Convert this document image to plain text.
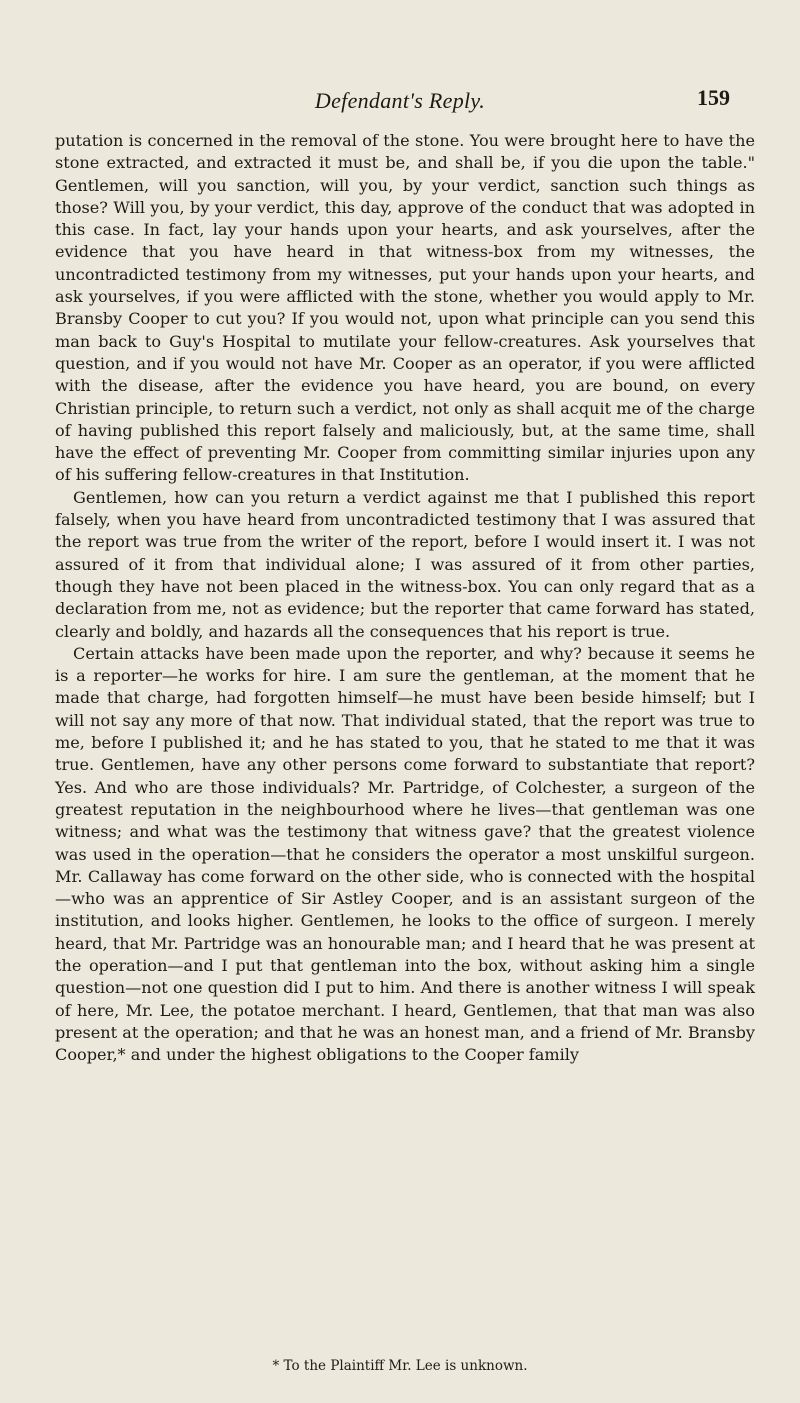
Defendant's Reply.	159

putation is concerned in the removal of the stone. You were brought here to have the stone extracted, and extracted it must be, and shall be, if you die upon the table." Gentlemen, will you sanction, will you, by your verdict, sanction such things as those? Will you, by your verdict, this day, approve of the conduct that was adopted in this case. In fact, lay your hands upon your hearts, and ask yourselves, after the evidence that you have heard in that witness-box from my witnesses, the uncontradicted testimony from my witnesses, put your hands upon your hearts, and ask yourselves, if you were afflicted with the stone, whether you would apply to Mr. Bransby Cooper to cut you? If you would not, upon what principle can you send this man back to Guy's Hospital to mutilate your fellow-creatures. Ask yourselves that question, and if you would not have Mr. Cooper as an operator, if you were afflicted with the disease, after the evidence you have heard, you are bound, on every Christian principle, to return such a verdict, not only as shall acquit me of the charge of having published this report falsely and maliciously, but, at the same time, shall have the effect of preventing Mr. Cooper from committing similar injuries upon any of his suffering fellow-creatures in that Institution.

Gentlemen, how can you return a verdict against me that I published this report falsely, when you have heard from uncontradicted testimony that I was assured that the report was true from the writer of the report, before I would insert it. I was not assured of it from that individual alone; I was assured of it from other parties, though they have not been placed in the witness-box. You can only regard that as a declaration from me, not as evidence; but the reporter that came forward has stated, clearly and boldly, and hazards all the consequences that his report is true.

Certain attacks have been made upon the reporter, and why? because it seems he is a reporter—he works for hire. I am sure the gentleman, at the moment that he made that charge, had forgotten himself—he must have been beside himself; but I will not say any more of that now. That individual stated, that the report was true to me, before I published it; and he has stated to you, that he stated to me that it was true. Gentlemen, have any other persons come forward to substantiate that report? Yes. And who are those individuals? Mr. Partridge, of Colchester, a surgeon of the greatest reputation in the neighbourhood where he lives—that gentleman was one witness; and what was the testimony that witness gave? that the greatest violence was used in the operation—that he considers the operator a most unskilful surgeon. Mr. Callaway has come forward on the other side, who is connected with the hospital—who was an apprentice of Sir Astley Cooper, and is an assistant surgeon of the institution, and looks higher. Gentlemen, he looks to the office of surgeon. I merely heard, that Mr. Partridge was an honourable man; and I heard that he was present at the operation—and I put that gentleman into the box, without asking him a single question—not one question did I put to him. And there is another witness I will speak of here, Mr. Lee, the potatoe merchant. I heard, Gentlemen, that that man was also present at the operation; and that he was an honest man, and a friend of Mr. Bransby Cooper,* and under the highest obligations to the Cooper family

* To the Plaintiff Mr. Lee is unknown.
